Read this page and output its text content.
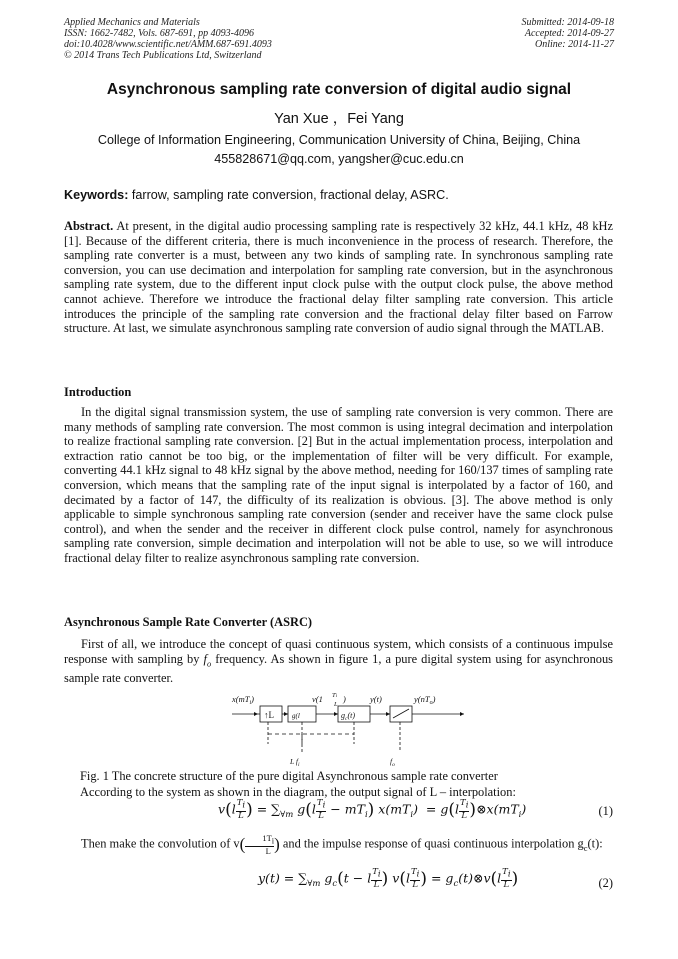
Applied Mechanics and Materials
ISSN: 1662-7482, Vols. 687-691, pp 4093-4096
doi:10.4028/www.scientific.net/AMM.687-691.4093
© 2014 Trans Tech Publications Ltd, Switzerland
Submitted: 2014-09-18
Accepted: 2014-09-27
Online: 2014-11-27
Asynchronous sampling rate conversion of digital audio signal
Yan Xue ，Fei Yang
College of Information Engineering, Communication University of China, Beijing, China
455828671@qq.com, yangsher@cuc.edu.cn
Keywords: farrow, sampling rate conversion, fractional delay, ASRC.

Abstract. At present, in the digital audio processing sampling rate is respectively 32 kHz, 44.1 kHz, 48 kHz [1]. Because of the different criteria, there is much inconvenience in the process of research. Therefore, the sampling rate converter is a must, between any two kinds of sampling rate. In synchronous sampling rate conversion, you can use decimation and interpolation for sampling rate conversion, but in the asynchronous sampling rate system, due to the different input clock pulse with the output clock pulse, the above method cannot achieve. Therefore we introduce the fractional delay filter sampling rate conversion. This article introduces the principle of the sampling rate conversion and the fractional delay filter based on Farrow structure. At last, we simulate asynchronous sampling rate conversion of audio signal through the MATLAB.

Introduction

In the digital signal transmission system, the use of sampling rate conversion is very common. There are many methods of sampling rate conversion. The most common is using integral decimation and interpolation to realize fractional sampling rate conversion. [2] But in the actual implementation process, interpolation and extraction ratio cannot be too big, or the implementation of filter will be very difficult. For example, converting 44.1 kHz signal to 48 kHz signal by the above method, needing for 160/137 times of sampling rate conversion, which means that the sampling rate of the input signal is interpolated by a factor of 160, and decimated by a factor of 147, the difficulty of its realization is obvious. [3]. The above method is only applicable to simple synchronous sampling rate conversion (sender and receiver have the same clock pulse control), and when the sender and the receiver in different clock pulse control, namely for asynchronous sampling rate conversion, simple decimation and interpolation will not be able to use, so we will introduce fractional delay filter to realize asynchronous sampling rate conversion.

Asynchronous Sample Rate Converter (ASRC)

First of all, we introduce the concept of quasi continuous system, which consists of a continuous impulse response with sampling by $f_o$ frequency. As shown in figure 1, a pure digital system using for asynchronous sample rate converter.

$x(mT_i)$	v(1 Ti
L
)	y(t)	$y(nT_o)$
↑L	g(l	$g_c(t)$
L $f_i$	$f_o$
Fig. 1 The concrete structure of the pure digital Asynchronous sample rate converter
According to the system as shown in the diagram, the output signal of L – interpolation:
$v(l \frac{T_i}{L}$ ) = $\sum_{\forall m}$ $g(l \frac{T_i}{L} - mT_i)$ $x(mT_i) = g(l \frac{T_i}{L}$ )$\otimes x(mT_i)$	(1)

Then make the convolution of $v( \frac{1T_i}{L}$ ) and the impulse response of quasi continuous interpolation $g_c(t)$:

$y(t) = \sum_{\forall m}$ $g_c(t - l \frac{T_i}{L}$ ) $v(l \frac{T_i}{L}$ ) = $g_c(t)\otimes v(l \frac{T_i}{L}$ )	(2)
